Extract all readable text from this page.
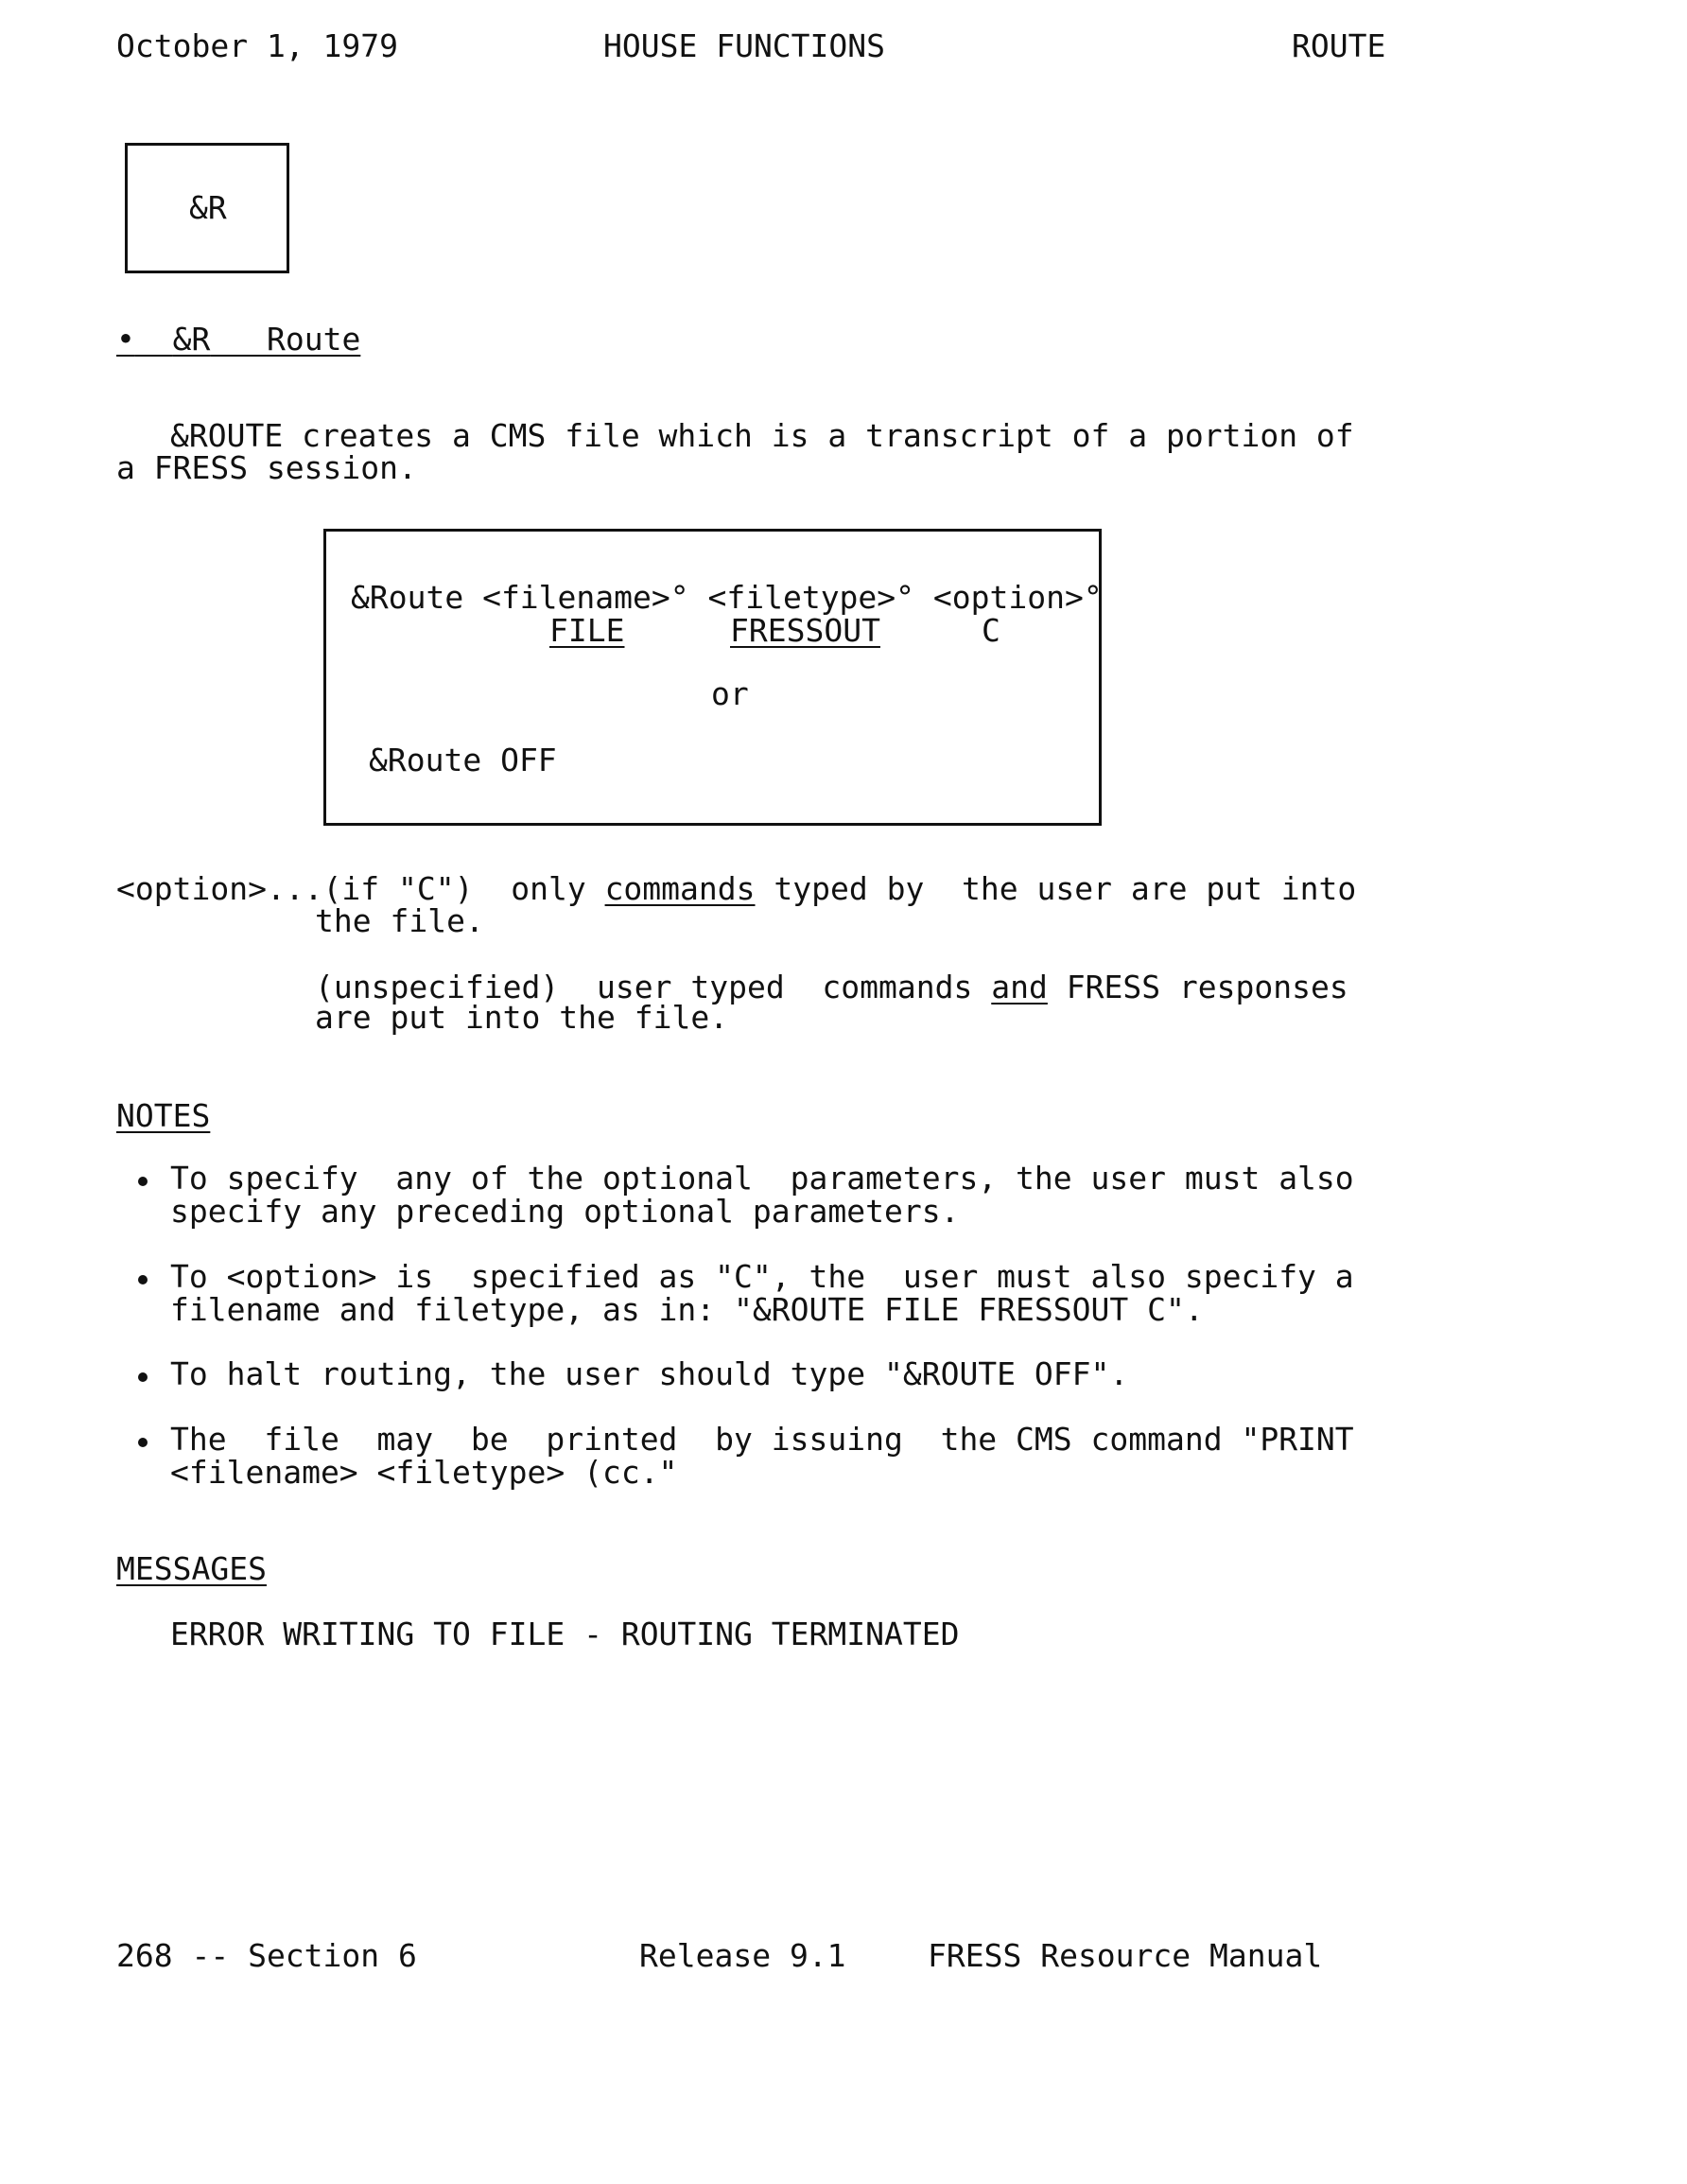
October 1, 1979	HOUSE FUNCTIONS	ROUTE
&R
• &R Route
&ROUTE creates a CMS file which is a transcript of a portion of
a FRESS session.
&Route <filename>° <filetype>° <option>°
FILE	FRESSOUT	C
or
&Route OFF
<option>...(if "C")  only commands typed by  the user are put into
the file.
(unspecified)  user typed  commands and FRESS responses
are put into the file.
NOTES
To specify  any of the optional  parameters, the user must also
specify any preceding optional parameters.
To <option> is  specified as "C", the  user must also specify a
filename and filetype, as in: "&ROUTE FILE FRESSOUT C".
To halt routing, the user should type "&ROUTE OFF".
The  file  may  be  printed  by issuing  the CMS command "PRINT
<filename> <filetype> (cc."
MESSAGES
ERROR WRITING TO FILE - ROUTING TERMINATED
268 -- Section 6	Release 9.1	FRESS Resource Manual
